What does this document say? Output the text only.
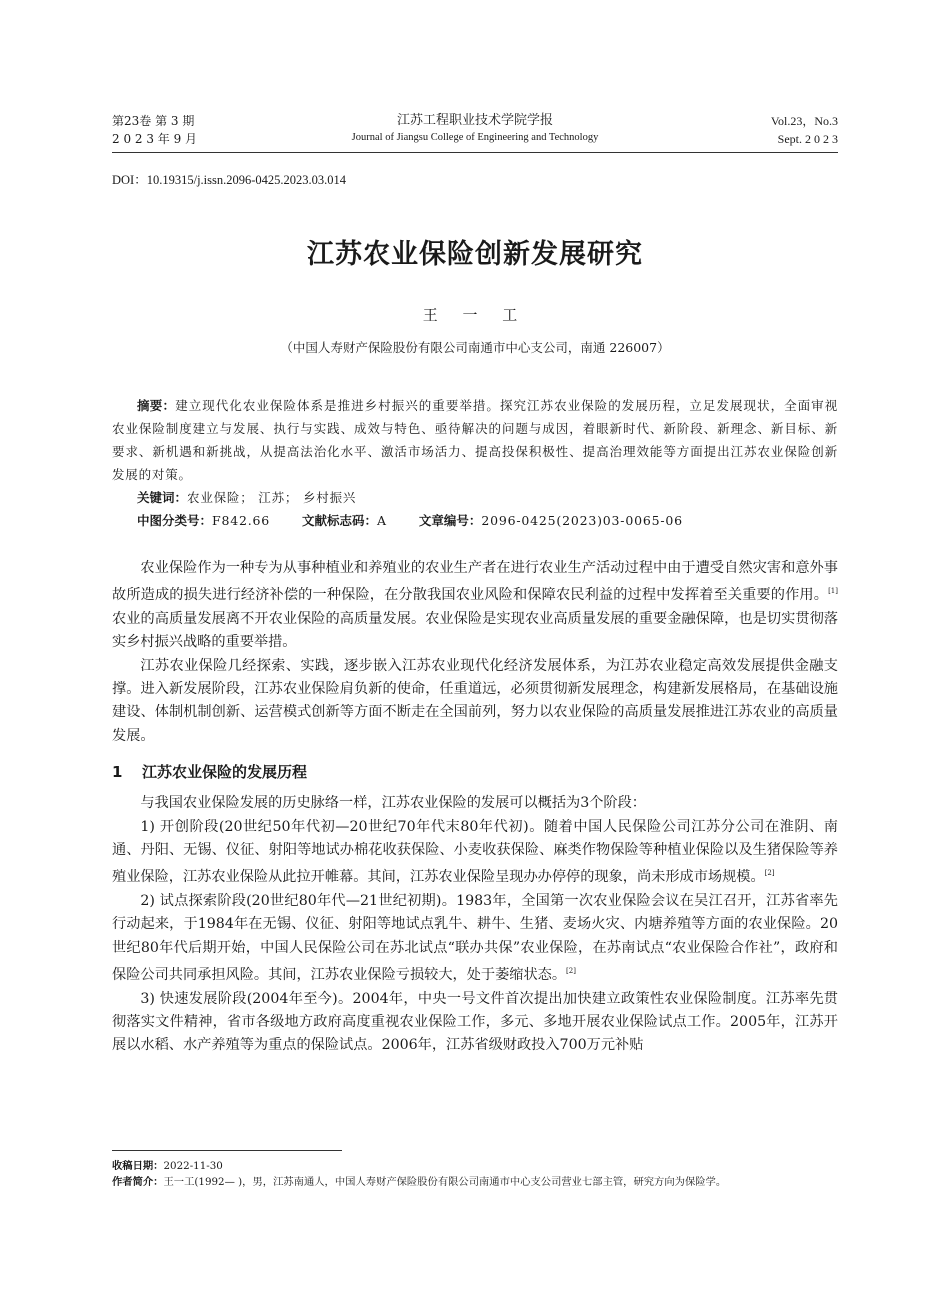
第23卷 第 3 期
2 0 2 3 年 9 月
江苏工程职业技术学院学报
Journal of Jiangsu College of Engineering and Technology
Vol.23，No.3
Sept. 2 0 2 3
DOI：10.19315/j.issn.2096-0425.2023.03.014
江苏农业保险创新发展研究
王 一 工
（中国人寿财产保险股份有限公司南通市中心支公司，南通 226007）

摘要：建立现代化农业保险体系是推进乡村振兴的重要举措。探究江苏农业保险的发展历程，立足发展现状，全面审视农业保险制度建立与发展、执行与实践、成效与特色、亟待解决的问题与成因，着眼新时代、新阶段、新理念、新目标、新要求、新机遇和新挑战，从提高法治化水平、激活市场活力、提高投保积极性、提高治理效能等方面提出江苏农业保险创新发展的对策。

关键词：农业保险； 江苏； 乡村振兴

中图分类号：F842.66	文献标志码：A	文章编号：2096-0425(2023)03-0065-06

农业保险作为一种专为从事种植业和养殖业的农业生产者在进行农业生产活动过程中由于遭受自然灾害和意外事故所造成的损失进行经济补偿的一种保险，在分散我国农业风险和保障农民利益的过程中发挥着至关重要的作用。[1]农业的高质量发展离不开农业保险的高质量发展。农业保险是实现农业高质量发展的重要金融保障，也是切实贯彻落实乡村振兴战略的重要举措。

江苏农业保险几经探索、实践，逐步嵌入江苏农业现代化经济发展体系，为江苏农业稳定高效发展提供金融支撑。进入新发展阶段，江苏农业保险肩负新的使命，任重道远，必须贯彻新发展理念，构建新发展格局，在基础设施建设、体制机制创新、运营模式创新等方面不断走在全国前列，努力以农业保险的高质量发展推进江苏农业的高质量发展。

1 江苏农业保险的发展历程

与我国农业保险发展的历史脉络一样，江苏农业保险的发展可以概括为3个阶段：

1) 开创阶段(20世纪50年代初—20世纪70年代末80年代初)。随着中国人民保险公司江苏分公司在淮阴、南通、丹阳、无锡、仪征、射阳等地试办棉花收获保险、小麦收获保险、麻类作物保险等种植业保险以及生猪保险等养殖业保险，江苏农业保险从此拉开帷幕。其间，江苏农业保险呈现办办停停的现象，尚未形成市场规模。[2]

2) 试点探索阶段(20世纪80年代—21世纪初期)。1983年，全国第一次农业保险会议在吴江召开，江苏省率先行动起来，于1984年在无锡、仪征、射阳等地试点乳牛、耕牛、生猪、麦场火灾、内塘养殖等方面的农业保险。20世纪80年代后期开始，中国人民保险公司在苏北试点“联办共保”农业保险，在苏南试点“农业保险合作社”，政府和保险公司共同承担风险。其间，江苏农业保险亏损较大，处于萎缩状态。[2]

3) 快速发展阶段(2004年至今)。2004年，中央一号文件首次提出加快建立政策性农业保险制度。江苏率先贯彻落实文件精神，省市各级地方政府高度重视农业保险工作，多元、多地开展农业保险试点工作。2005年，江苏开展以水稻、水产养殖等为重点的保险试点。2006年，江苏省级财政投入700万元补贴

收稿日期：2022-11-30
作者简介：王一工(1992— )，男，江苏南通人，中国人寿财产保险股份有限公司南通市中心支公司营业七部主管，研究方向为保险学。
